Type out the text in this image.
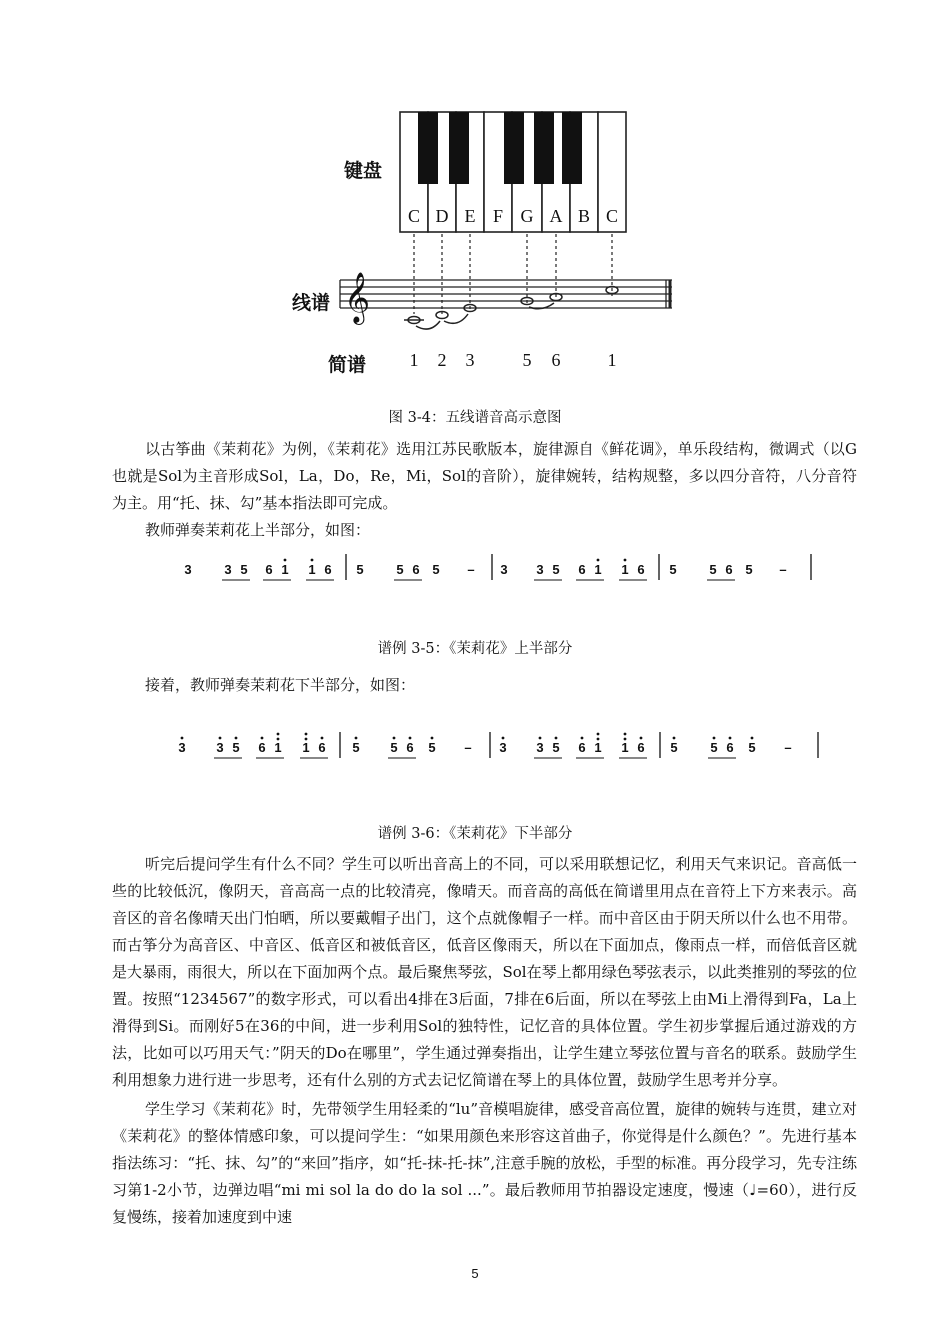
C D E F G A B C
𝄞
1 2 3	5 6	1
键盘
线谱
简谱
图 3-4：五线谱音高示意图
以古筝曲《茉莉花》为例，《茉莉花》选用江苏民歌版本，旋律源自《鲜花调》，单乐段结构，微调式（以G也就是Sol为主音形成Sol，La，Do，Re，Mi，Sol的音阶），旋律婉转，结构规整，多以四分音符，八分音符为主。用“托、抹、勾”基本指法即可完成。
教师弹奏茉莉花上半部分，如图：
3	3 5 6 1 1 6 5	5 6 5 – 3 3 5 6 1 1 6 5	5 6 5 –
谱例 3-5：《茉莉花》上半部分
接着，教师弹奏茉莉花下半部分，如图：
3 3 5 6 1 1 6 5 5 6 5 – 3 3 5 6 1 1 6 5	5 6 5 –
谱例 3-6：《茉莉花》下半部分
听完后提问学生有什么不同？学生可以听出音高上的不同，可以采用联想记忆，利用天气来识记。音高低一些的比较低沉，像阴天，音高高一点的比较清亮，像晴天。而音高的高低在简谱里用点在音符上下方来表示。高音区的音名像晴天出门怕晒，所以要戴帽子出门，这个点就像帽子一样。而中音区由于阴天所以什么也不用带。而古筝分为高音区、中音区、低音区和被低音区，低音区像雨天，所以在下面加点，像雨点一样，而倍低音区就是大暴雨，雨很大，所以在下面加两个点。最后聚焦琴弦，Sol在琴上都用绿色琴弦表示，以此类推别的琴弦的位置。按照“1234567”的数字形式，可以看出4排在3后面，7排在6后面，所以在琴弦上由Mi上滑得到Fa，La上滑得到Si。而刚好5在36的中间，进一步利用Sol的独特性，记忆音的具体位置。学生初步掌握后通过游戏的方法，比如可以巧用天气：”阴天的Do在哪里”，学生通过弹奏指出，让学生建立琴弦位置与音名的联系。鼓励学生利用想象力进行进一步思考，还有什么别的方式去记忆简谱在琴上的具体位置，鼓励学生思考并分享。
学生学习《茉莉花》时，先带领学生用轻柔的“lu”音模唱旋律，感受音高位置，旋律的婉转与连贯，建立对《茉莉花》的整体情感印象，可以提问学生：“如果用颜色来形容这首曲子，你觉得是什么颜色？”。先进行基本指法练习：“托、抹、勾”的“来回”指序，如“托-抹-托-抹”,注意手腕的放松，手型的标准。再分段学习，先专注练习第1-2小节，边弹边唱“mi mi sol la do do la sol ...”。最后教师用节拍器设定速度，慢速（♩=60），进行反复慢练，接着加速度到中速
5
